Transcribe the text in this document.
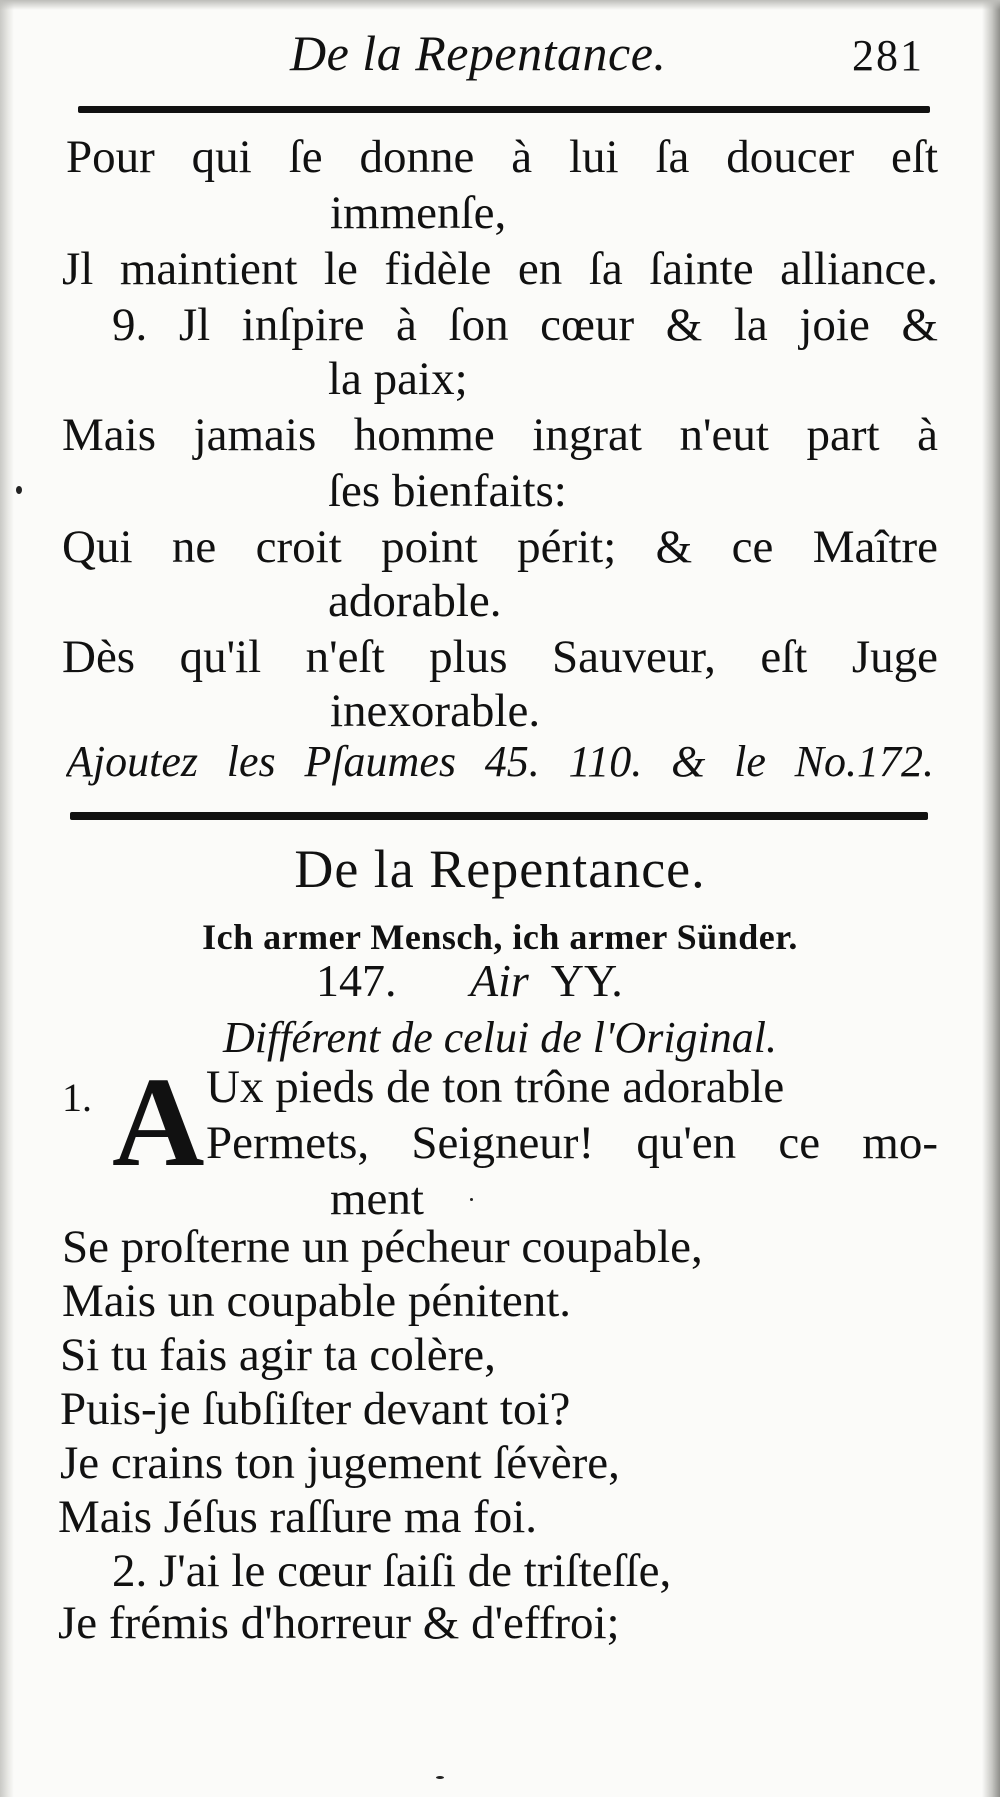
De la Repentance.	281
Pour qui ſe donne à lui ſa doucer eſt
immenſe,
Jl maintient le fidèle en ſa ſainte alliance.
9. Jl inſpire à ſon cœur & la joie &
la paix;
Mais jamais homme ingrat n'eut part à
ſes bienfaits:
Qui ne croit point périt; & ce Maître
adorable.
Dès qu'il n'eſt plus Sauveur, eſt Juge
inexorable.
Ajoutez les Pſaumes 45. 110. & le No.172.
De la Repentance.
Ich armer Mensch, ich armer Sünder.
147. Air YY.
Différent de celui de l'Original.
1. A Ux pieds de ton trône adorable
Permets, Seigneur! qu'en ce mo-
ment
Se proſterne un pécheur coupable,
Mais un coupable pénitent.
Si tu fais agir ta colère,
Puis-je ſubſiſter devant toi?
Je crains ton jugement ſévère,
Mais Jéſus raſſure ma foi.
2. J'ai le cœur ſaiſi de triſteſſe,
Je frémis d'horreur & d'effroi;
